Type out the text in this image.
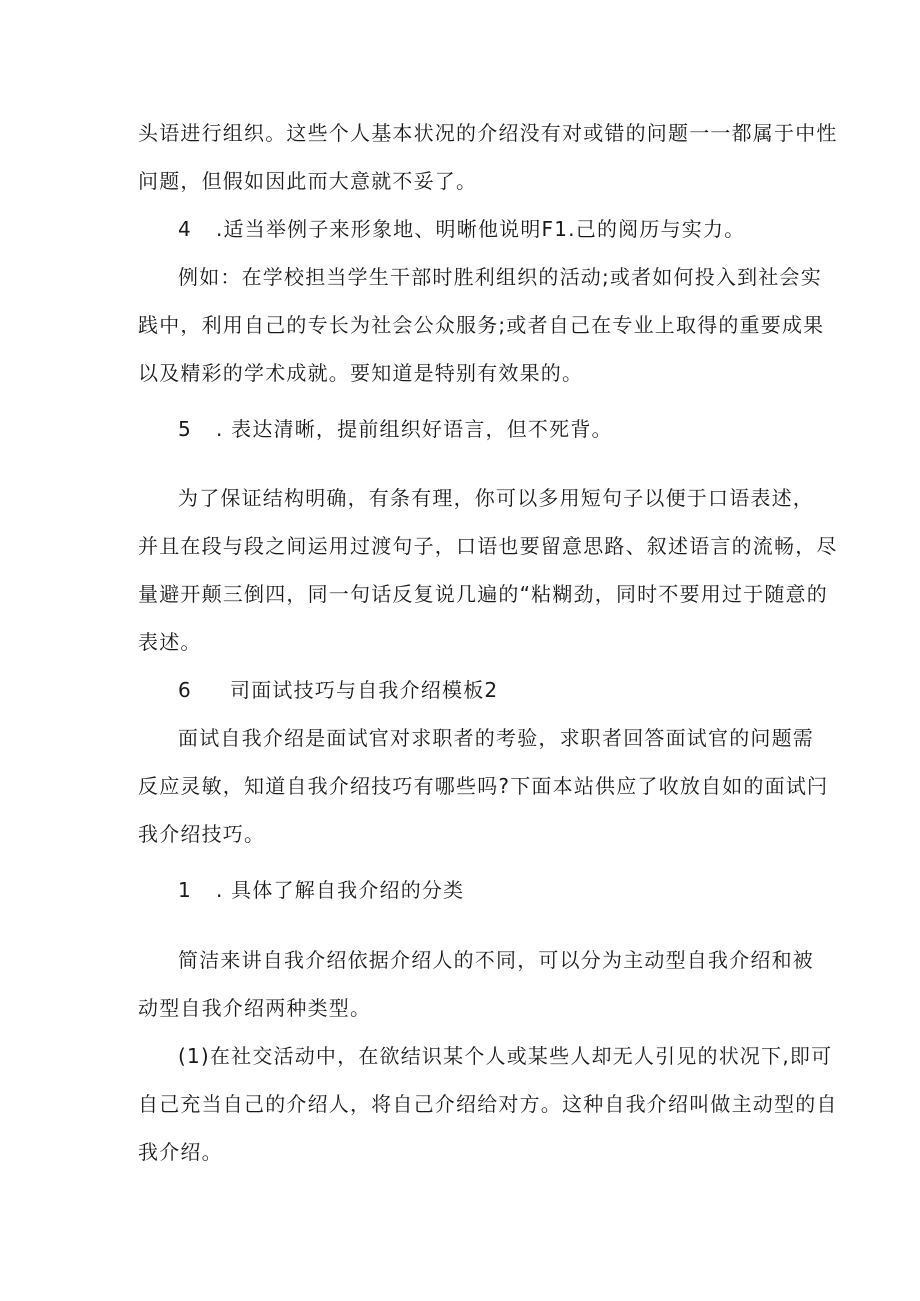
头语进行组织。这些个人基本状况的介绍没有对或错的问题一一都属于中性
问题，但假如因此而大意就不妥了。
4 .适当举例子来形象地、明晰他说明F1.己的阅历与实力。
例如：在学校担当学生干部时胜利组织的活动;或者如何投入到社会实
践中，利用自己的专长为社会公众服务;或者自己在专业上取得的重要成果
以及精彩的学术成就。要知道是特别有效果的。
5 . 表达清晰，提前组织好语言，但不死背。
为了保证结构明确，有条有理，你可以多用短句子以便于口语表述，
并且在段与段之间运用过渡句子，口语也要留意思路、叙述语言的流畅，尽
量避开颠三倒四，同一句话反复说几遍的“粘糊劲，同时不要用过于随意的
表述。
6 司面试技巧与自我介绍模板2
面试自我介绍是面试官对求职者的考验，求职者回答面试官的问题需
反应灵敏，知道自我介绍技巧有哪些吗?下面本站供应了收放自如的面试闩
我介绍技巧。
1 . 具体了解自我介绍的分类
简洁来讲自我介绍依据介绍人的不同，可以分为主动型自我介绍和被
动型自我介绍两种类型。
(1)在社交活动中，在欲结识某个人或某些人却无人引见的状况下,即可
自己充当自己的介绍人，将自己介绍给对方。这种自我介绍叫做主动型的自
我介绍。
